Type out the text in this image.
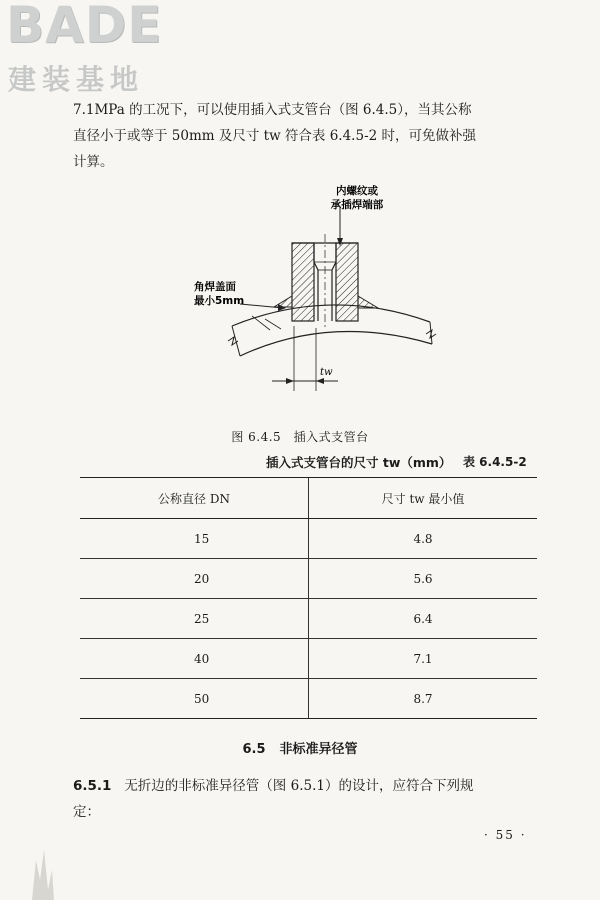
BADE
建装基地
7.1MPa 的工况下，可以使用插入式支管台（图 6.4.5），当其公称
直径小于或等于 50mm 及尺寸 tw 符合表 6.4.5-2 时，可免做补强
计算。
内螺纹或
承插焊端部
角焊盖面
最小5mm
tw
图 6.4.5　插入式支管台
插入式支管台的尺寸 tw（mm） 表 6.4.5-2
公称直径 DN	尺寸 tw 最小值
15	4.8
20	5.6
25	6.4
40	7.1
50	8.7
6.5 非标准异径管
6.5.1 无折边的非标准异径管（图 6.5.1）的设计，应符合下列规
定：
· 55 ·
